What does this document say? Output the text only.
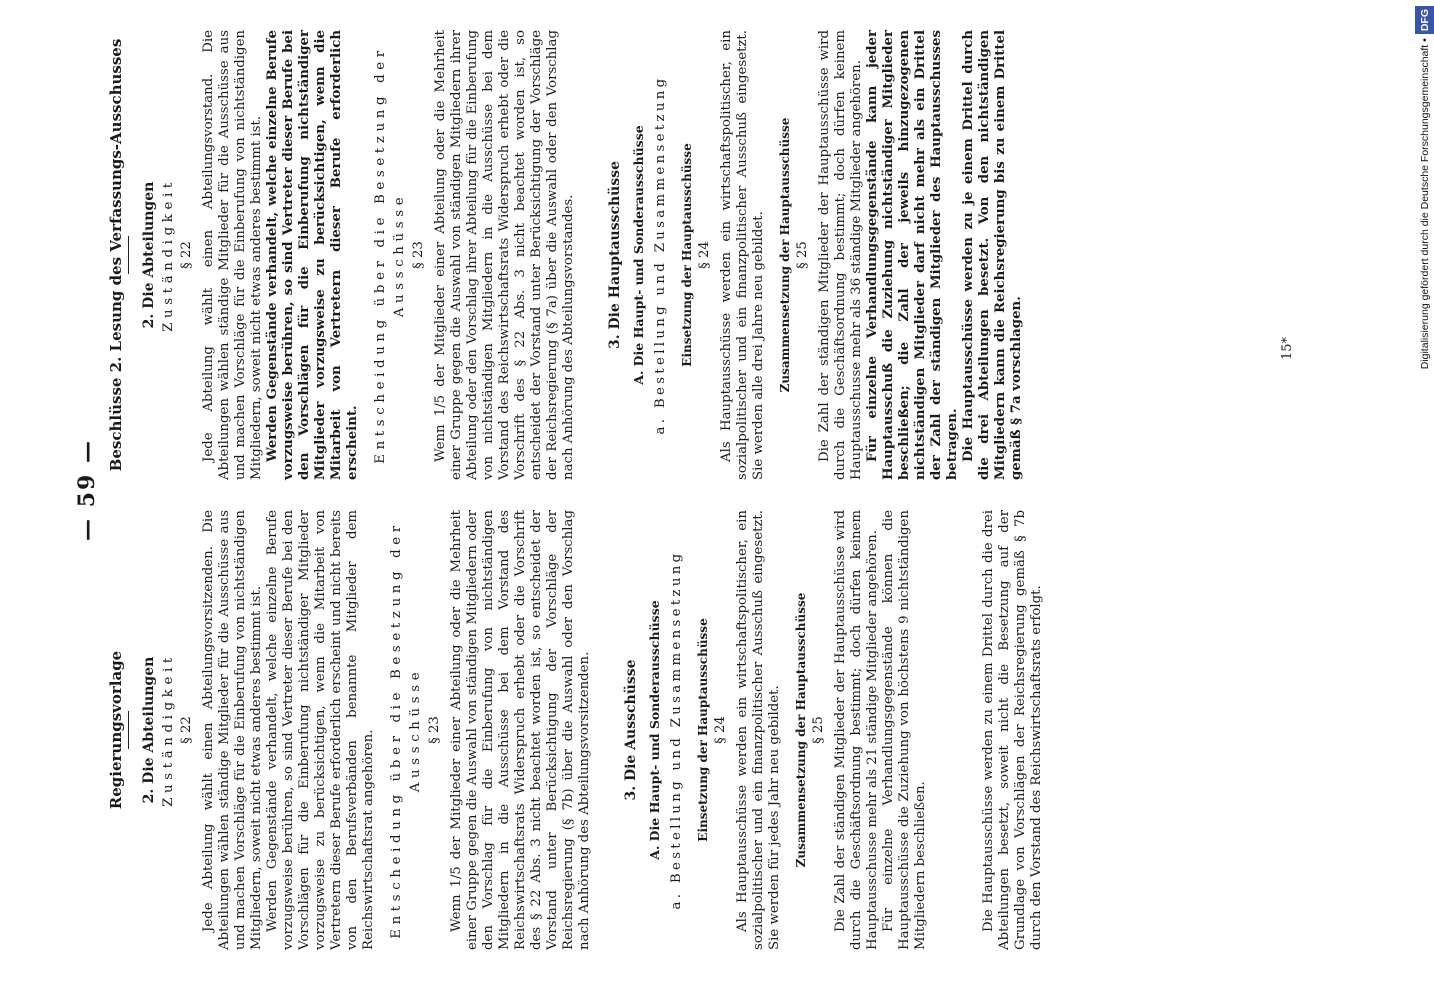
— 59 —
Regierungsvorlage 2. Die Abteilungen Zuständigkeit § 22 Jede Abteilung wählt einen Abteilungsvorsitzenden. Die Abteilungen wählen ständige Mitglieder für die Ausschüsse aus und machen Vorschläge für die Einberufung von nichtständigen Mitgliedern, soweit nicht etwas anderes bestimmt ist. Werden Gegenstände verhandelt, welche einzelne Berufe vorzugsweise berühren, so sind Vertreter dieser Berufe bei den Vorschlägen für die Einberufung nichtständiger Mitglieder vorzugsweise zu berücksichtigen, wenn die Mitarbeit von Vertretern dieser Berufe erforderlich erscheint und nicht bereits von den Berufsverbänden benannte Mitglieder dem Reichswirtschaftsrat angehören. Entscheidung über die Besetzung der Ausschüsse § 23 Wenn 1/5 der Mitglieder einer Abteilung oder die Mehrheit einer Gruppe gegen die Auswahl von ständigen Mitgliedern oder den Vorschlag für die Einberufung von nichtständigen Mitgliedern in die Ausschüsse bei dem Vorstand des Reichswirtschaftsrats Widerspruch erhebt oder die Vorschrift des § 22 Abs. 3 nicht beachtet worden ist, so entscheidet der Vorstand unter Berücksichtigung der Vorschläge der Reichsregierung (§ 7b) über die Auswahl oder den Vorschlag nach Anhörung des Abteilungsvorsitzenden. 3. Die Ausschüsse A. Die Haupt- und Sonderausschüsse a. Bestellung und Zusammensetzung Einsetzung der Hauptausschüsse § 24 Als Hauptausschüsse werden ein wirtschaftspolitischer, ein sozialpolitischer und ein finanzpolitischer Ausschuß eingesetzt. Sie werden für jedes Jahr neu gebildet. Zusammensetzung der Hauptausschüsse § 25 Die Zahl der ständigen Mitglieder der Hauptausschüsse wird durch die Geschäftsordnung bestimmt; doch dürfen keinem Hauptausschusse mehr als 21 ständige Mitglieder angehören. Für einzelne Verhandlungsgegenstände können die Hauptausschüsse die Zuziehung von höchstens 9 nichtständigen Mitgliedern beschließen.	Die Hauptausschüsse werden zu einem Drittel durch die drei Abteilungen besetzt, soweit nicht die Besetzung auf der Grundlage von Vorschlägen der Reichsregierung gemäß § 7b durch den Vorstand des Reichswirtschaftsrats erfolgt.

Beschlüsse 2. Lesung des Verfassungs-Ausschusses 2. Die Abteilungen Zuständigkeit § 22 Jede Abteilung wählt einen Abteilungsvorstand. Die Abteilungen wählen ständige Mitglieder für die Ausschüsse aus und machen Vorschläge für die Einberufung von nichtständigen Mitgliedern, soweit nicht etwas anderes bestimmt ist. Werden Gegenstände verhandelt, welche einzelne Berufe vorzugsweise berühren, so sind Vertreter dieser Berufe bei den Vorschlägen für die Einberufung nichtständiger Mitglieder vorzugsweise zu berücksichtigen, wenn die Mitarbeit von Vertretern dieser Berufe erforderlich erscheint. Entscheidung über die Besetzung der Ausschüsse § 23 Wenn 1/5 der Mitglieder einer Abteilung oder die Mehrheit einer Gruppe gegen die Auswahl von ständigen Mitgliedern ihrer Abteilung oder den Vorschlag ihrer Abteilung für die Einberufung von nichtständigen Mitgliedern in die Ausschüsse bei dem Vorstand des Reichswirtschaftsrats Widerspruch erhebt oder die Vorschrift des § 22 Abs. 3 nicht beachtet worden ist, so entscheidet der Vorstand unter Berücksichtigung der Vorschläge der Reichsregierung (§ 7a) über die Auswahl oder den Vorschlag nach Anhörung des Abteilungsvorstandes. 3. Die Hauptausschüsse A. Die Haupt- und Sonderausschüsse a. Bestellung und Zusammensetzung Einsetzung der Hauptausschüsse § 24 Als Hauptausschüsse werden ein wirtschaftspolitischer, ein sozialpolitischer und ein finanzpolitischer Ausschuß eingesetzt. Sie werden alle drei Jahre neu gebildet. Zusammensetzung der Hauptausschüsse § 25 Die Zahl der ständigen Mitglieder der Hauptausschüsse wird durch die Geschäftsordnung bestimmt; doch dürfen keinem Hauptausschusse mehr als 36 ständige Mitglieder angehören. Für einzelne Verhandlungsgegenstände kann jeder Hauptausschuß die Zuziehung nichtständiger Mitglieder beschließen; die Zahl der jeweils hinzugezogenen nichtständigen Mitglieder darf nicht mehr als ein Drittel der Zahl der ständigen Mitglieder des Hauptausschusses betragen. Die Hauptausschüsse werden zu je einem Drittel durch die drei Abteilungen besetzt. Von den nichtständigen Mitgliedern kann die Reichsregierung bis zu einem Drittel gemäß § 7a vorschlagen.	15*	Digitalisierung gefördert durch die Deutsche Forschungsgemeinschaft •DFG
